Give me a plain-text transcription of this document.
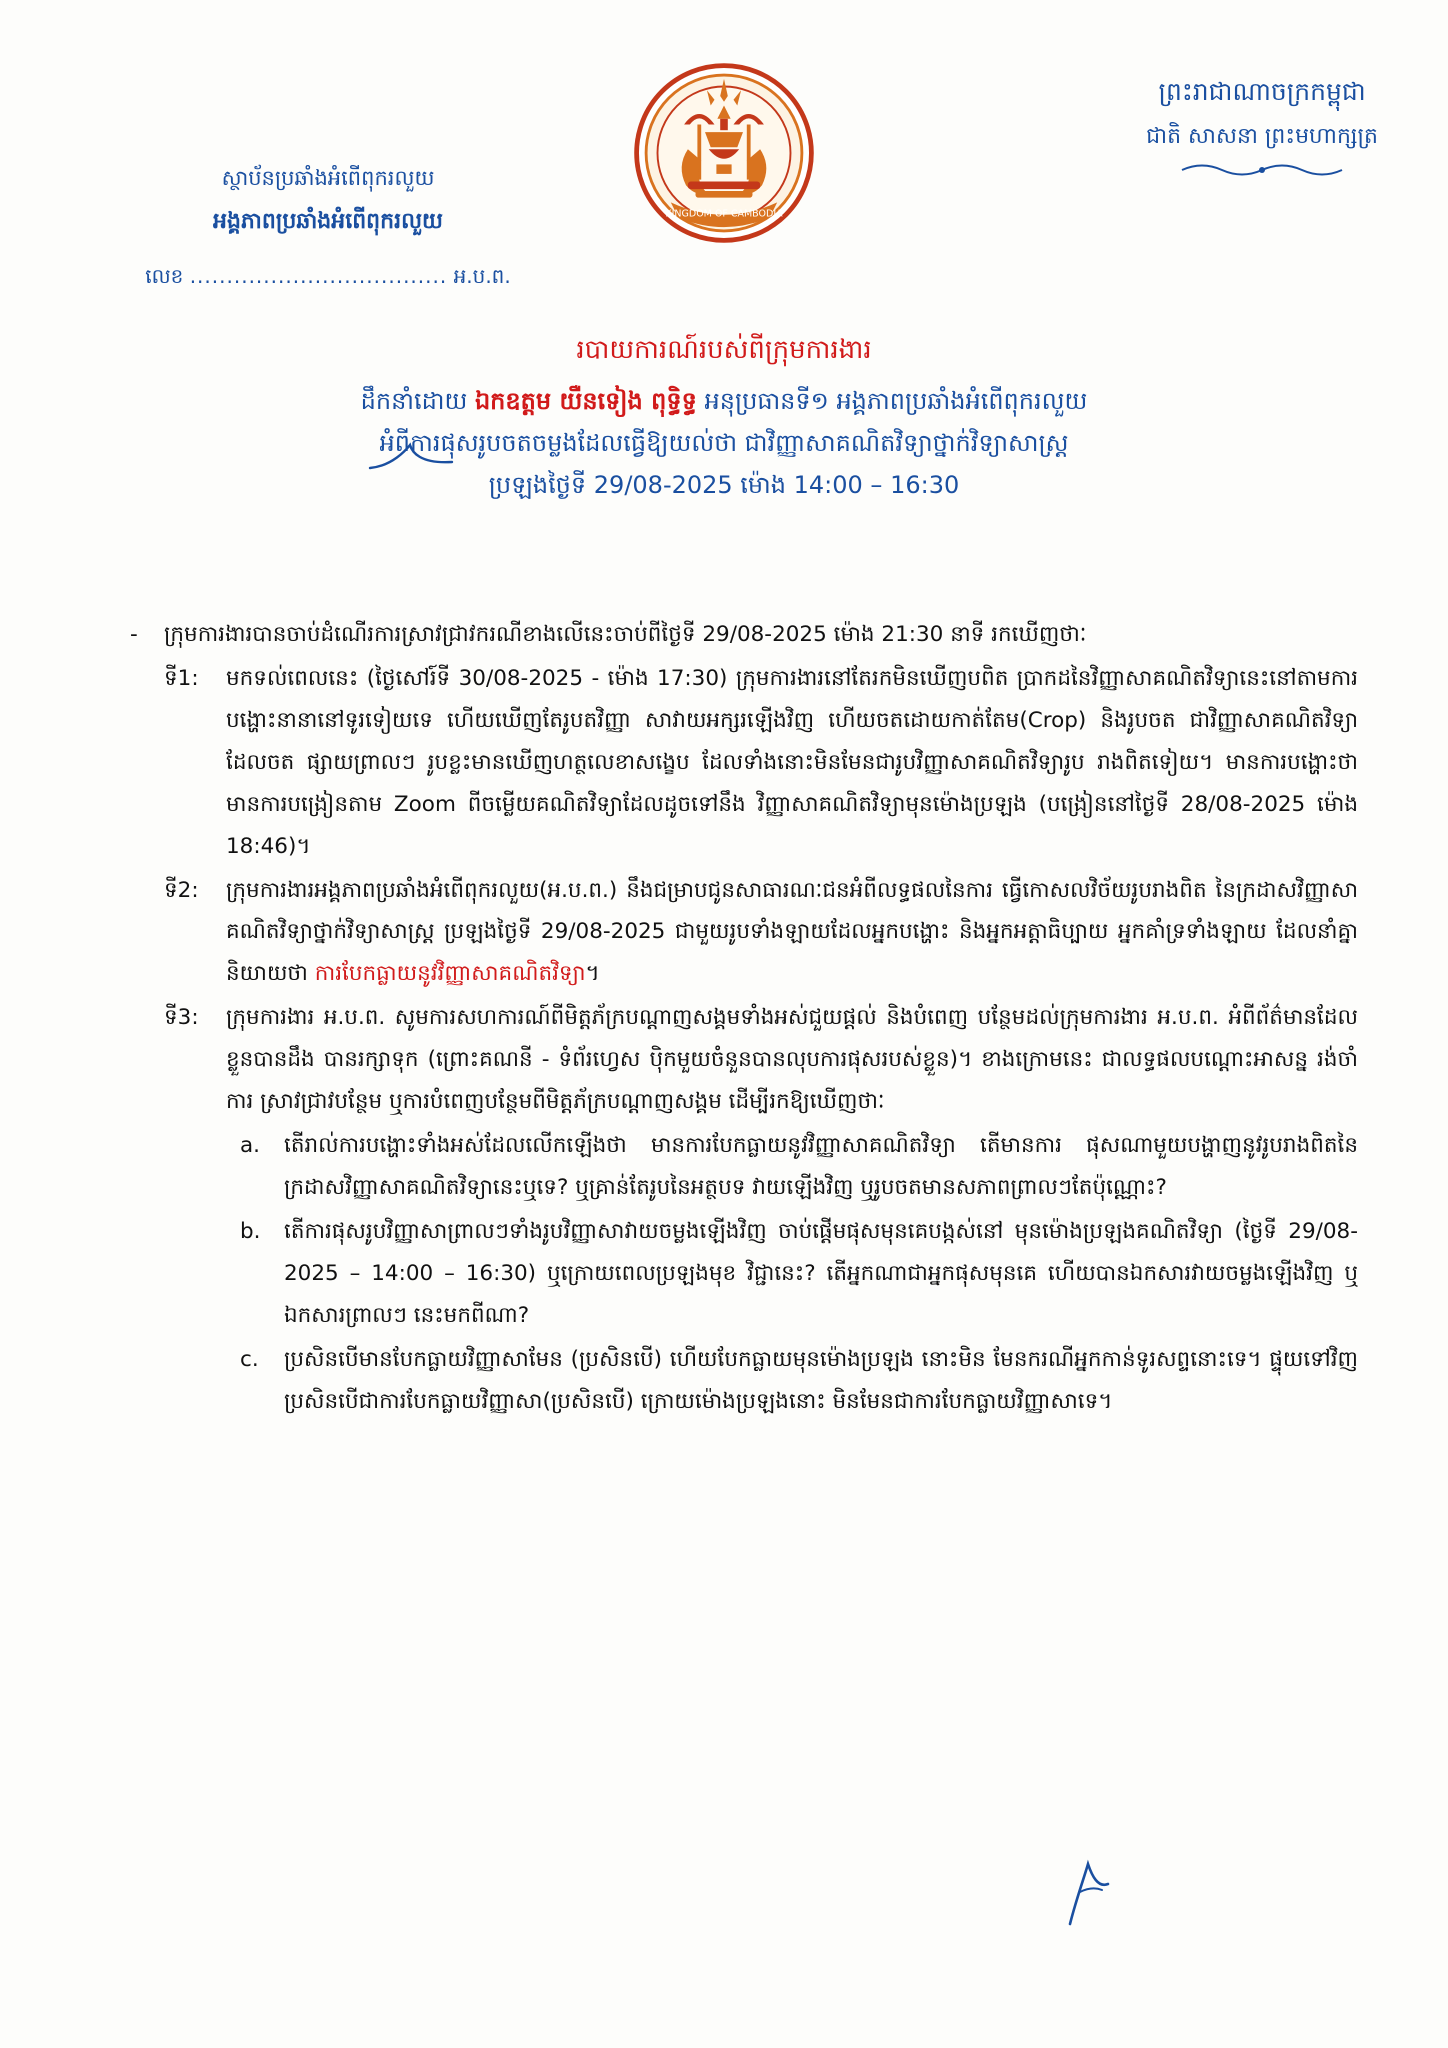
ស្ថាប័នប្រឆាំងអំពើពុករលួយ
អង្គភាពប្រឆាំងអំពើពុករលួយ
លេខ ................................... អ.ប.ព.
KINGDOM OF CAMBODIA
ព្រះរាជាណាចក្រកម្ពុជា
ជាតិ សាសនា ព្រះមហាក្សត្រ
របាយការណ៍របស់ពីក្រុមការងារ
ដឹកនាំដោយ ឯកឧត្តម យឺនទៀង ពុទ្ធិទ្ធ អនុប្រធានទី១ អង្គភាពប្រឆាំងអំពើពុករលួយ
អំពីការផុសរូបចតចម្លងដែលធ្វើឱ្យយល់ថា ជាវិញ្ញាសាគណិតវិទ្យាថ្នាក់វិទ្យាសាស្ត្រ
ប្រឡងថ្ងៃទី 29/08-2025 ម៉ោង 14:00 – 16:30
-	ក្រុមការងារបានចាប់ដំណើរការស្រាវជ្រាវករណីខាងលើនេះចាប់ពីថ្ងៃទី 29/08-2025 ម៉ោង 21:30 នាទី រកឃើញថាៈ
ទី1:	មកទល់ពេលនេះ (ថ្ងៃសៅរ៍ទី 30/08-2025 - ម៉ោង 17:30) ក្រុមការងារនៅតែរកមិនឃើញបពិត ប្រាកដនៃវិញ្ញាសាគណិតវិទ្យានេះនៅតាមការបង្ហោះនានានៅទូរទៀយទេ ហើយឃើញតែរូបតវិញ្ញា សាវាយអក្សរឡើងវិញ ហើយចតដោយកាត់តែម(Crop) និងរូបចត ជាវិញ្ញាសាគណិតវិទ្យាដែលចត ផ្សាយព្រាលៗ រូបខ្លះមានឃើញហត្ថលេខាសង្ខេប ដែលទាំងនោះមិនមែនជារូបវិញ្ញាសាគណិតវិទ្យារូប រាងពិតទៀយ។ មានការបង្ហោះថា មានការបង្រៀនតាម Zoom ពីចម្លើយគណិតវិទ្យាដែលដូចទៅនឹង វិញ្ញាសាគណិតវិទ្យាមុនម៉ោងប្រឡង (បង្រៀននៅថ្ងៃទី 28/08-2025 ម៉ោង 18:46)។
ទី2:	ក្រុមការងារអង្គភាពប្រឆាំងអំពើពុករលួយ(អ.ប.ព.) នឹងជម្រាបជូនសាធារណៈជនអំពីលទ្ធផលនៃការ ធ្វើកោសលវិច័យរូបរាងពិត នៃក្រដាសវិញ្ញាសាគណិតវិទ្យាថ្នាក់វិទ្យាសាស្ត្រ ប្រឡងថ្ងៃទី 29/08-2025 ជាមួយរូបទាំងឡាយដែលអ្នកបង្ហោះ និងអ្នកអត្តាធិប្បាយ អ្នកគាំទ្រទាំងឡាយ ដែលនាំគ្នា និយាយថា ការបែកធ្លាយនូវវិញ្ញាសាគណិតវិទ្យា។
ទី3:	ក្រុមការងារ អ.ប.ព. សូមការសហការណ៍ពីមិត្តភ័ក្របណ្ដាញសង្គមទាំងអស់ជួយផ្ដល់ និងបំពេញ បន្ថែមដល់ក្រុមការងារ អ.ប.ព. អំពីព័ត៌មានដែលខ្លួនបានដឹង បានរក្សាទុក (ព្រោះគណនី - ទំព័រហ្វេស បុិកមួយចំនួនបានលុបការផុសរបស់ខ្លួន)។ ខាងក្រោមនេះ ជាលទ្ធផលបណ្ដោះអាសន្ន រង់ចាំការ ស្រាវជ្រាវបន្ថែម ឬការបំពេញបន្ថែមពីមិត្តភ័ក្របណ្ដាញសង្គម ដើម្បីរកឱ្យឃើញថាៈ
a.	តើរាល់ការបង្ហោះទាំងអស់ដែលលើកឡើងថា មានការបែកធ្លាយនូវវិញ្ញាសាគណិតវិទ្យា តើមានការ ផុសណាមួយបង្ហាញនូវរូបរាងពិតនៃក្រដាសវិញ្ញាសាគណិតវិទ្យានេះឬទេ? ឬគ្រាន់តែរូបនៃអត្ថបទ វាយឡើងវិញ ឬរូបចតមានសភាពព្រាលៗតែប៉ុណ្ណោះ?
b.	តើការផុសរូបវិញ្ញាសាព្រាលៗទាំងរូបវិញ្ញាសាវាយចម្លងឡើងវិញ ចាប់ផ្ដើមផុសមុនគេបង្កស់នៅ មុនម៉ោងប្រឡងគណិតវិទ្យា (ថ្ងៃទី 29/08-2025 – 14:00 – 16:30) ឬក្រោយពេលប្រឡងមុខ វិជ្ជានេះ? តើអ្នកណាជាអ្នកផុសមុនគេ ហើយបានឯកសារវាយចម្លងឡើងវិញ ឬឯកសារព្រាលៗ នេះមកពីណា?
c.	ប្រសិនបើមានបែកធ្លាយវិញ្ញាសាមែន (ប្រសិនបើ) ហើយបែកធ្លាយមុនម៉ោងប្រឡង នោះមិន មែនករណីអ្នកកាន់ទូរសព្ទនោះទេ។ ផ្ទុយទៅវិញ ប្រសិនបើជាការបែកធ្លាយវិញ្ញាសា(ប្រសិនបើ) ក្រោយម៉ោងប្រឡងនោះ មិនមែនជាការបែកធ្លាយវិញ្ញាសាទេ។
